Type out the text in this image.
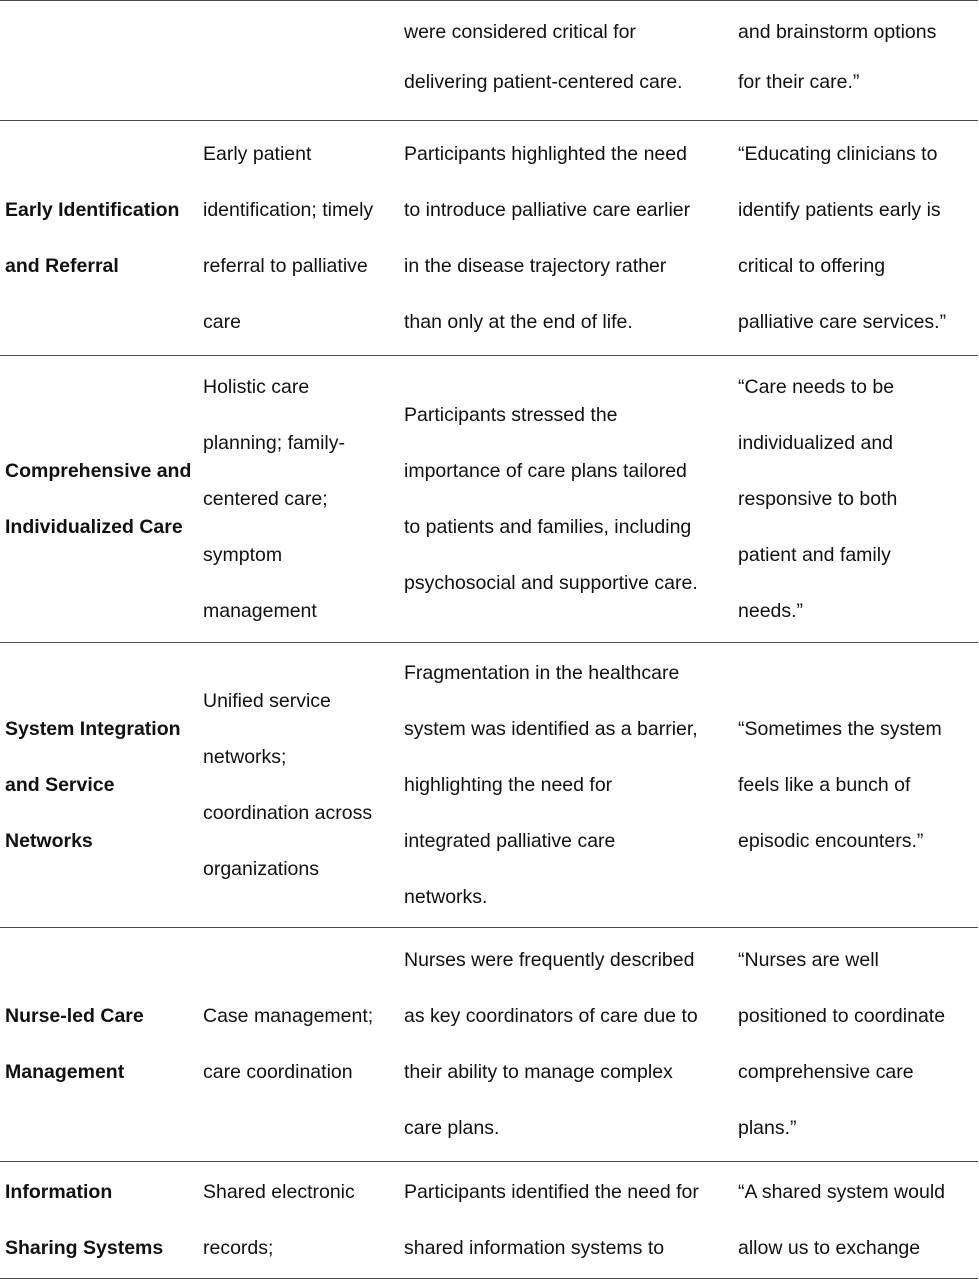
were considered critical for
delivering patient-centered care.
and brainstorm options
for their care.”
Early Identification
and Referral
Early patient
identification; timely
referral to palliative
care
Participants highlighted the need
to introduce palliative care earlier
in the disease trajectory rather
than only at the end of life.
“Educating clinicians to
identify patients early is
critical to offering
palliative care services.”
Comprehensive and
Individualized Care
Holistic care
planning; family-
centered care;
symptom
management
Participants stressed the
importance of care plans tailored
to patients and families, including
psychosocial and supportive care.
“Care needs to be
individualized and
responsive to both
patient and family
needs.”
System Integration
and Service
Networks
Unified service
networks;
coordination across
organizations
Fragmentation in the healthcare
system was identified as a barrier,
highlighting the need for
integrated palliative care
networks.
“Sometimes the system
feels like a bunch of
episodic encounters.”
Nurse-led Care
Management
Case management;
care coordination
Nurses were frequently described
as key coordinators of care due to
their ability to manage complex
care plans.
“Nurses are well
positioned to coordinate
comprehensive care
plans.”
Information
Sharing Systems
Shared electronic
records;
Participants identified the need for
shared information systems to
“A shared system would
allow us to exchange
